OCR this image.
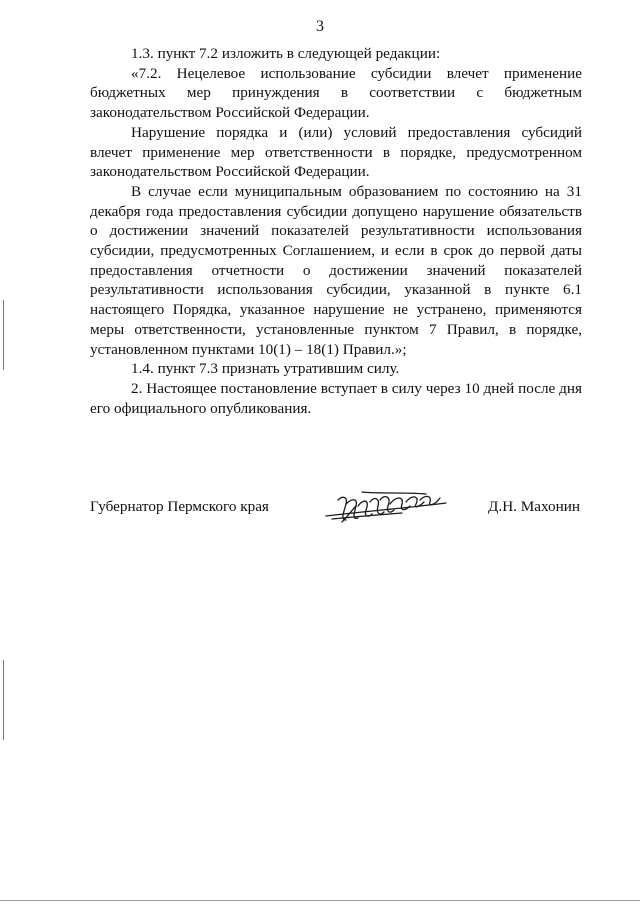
3

1.3. пункт 7.2 изложить в следующей редакции:

«7.2. Нецелевое использование субсидии влечет применение бюджетных мер принуждения в соответствии с бюджетным законодательством Российской Федерации.

Нарушение порядка и (или) условий предоставления субсидий влечет применение мер ответственности в порядке, предусмотренном законодательством Российской Федерации.

В случае если муниципальным образованием по состоянию на 31 декабря года предоставления субсидии допущено нарушение обязательств о достижении значений показателей результативности использования субсидии, предусмотренных Соглашением, и если в срок до первой даты предоставления отчетности о достижении значений показателей результативности использования субсидии, указанной в пункте 6.1 настоящего Порядка, указанное нарушение не устранено, применяются меры ответственности, установленные пунктом 7 Правил, в порядке, установленном пунктами 10(1) – 18(1) Правил.»;

1.4. пункт 7.3 признать утратившим силу.

2. Настоящее постановление вступает в силу через 10 дней после дня его официального опубликования.

Губернатор Пермского края	Д.Н. Махонин
